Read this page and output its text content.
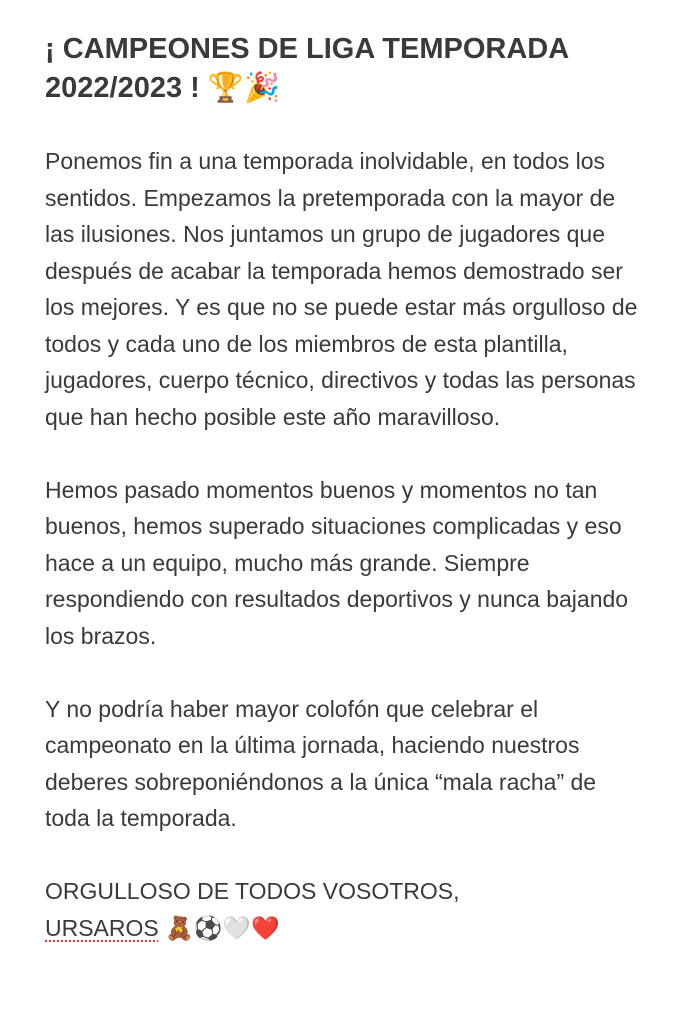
¡ CAMPEONES DE LIGA TEMPORADA 2022/2023 ! 🏆🎉

Ponemos fin a una temporada inolvidable, en todos los sentidos. Empezamos la pretemporada con la mayor de las ilusiones. Nos juntamos un grupo de jugadores que después de acabar la temporada hemos demostrado ser los mejores. Y es que no se puede estar más orgulloso de todos y cada uno de los miembros de esta plantilla, jugadores, cuerpo técnico, directivos y todas las personas que han hecho posible este año maravilloso.

Hemos pasado momentos buenos y momentos no tan buenos, hemos superado situaciones complicadas y eso hace a un equipo, mucho más grande. Siempre respondiendo con resultados deportivos y nunca bajando los brazos.

Y no podría haber mayor colofón que celebrar el campeonato en la última jornada, haciendo nuestros deberes sobreponiéndonos a la única “mala racha” de toda la temporada.

ORGULLOSO DE TODOS VOSOTROS,
URSAROS 🧸⚽🤍❤️
